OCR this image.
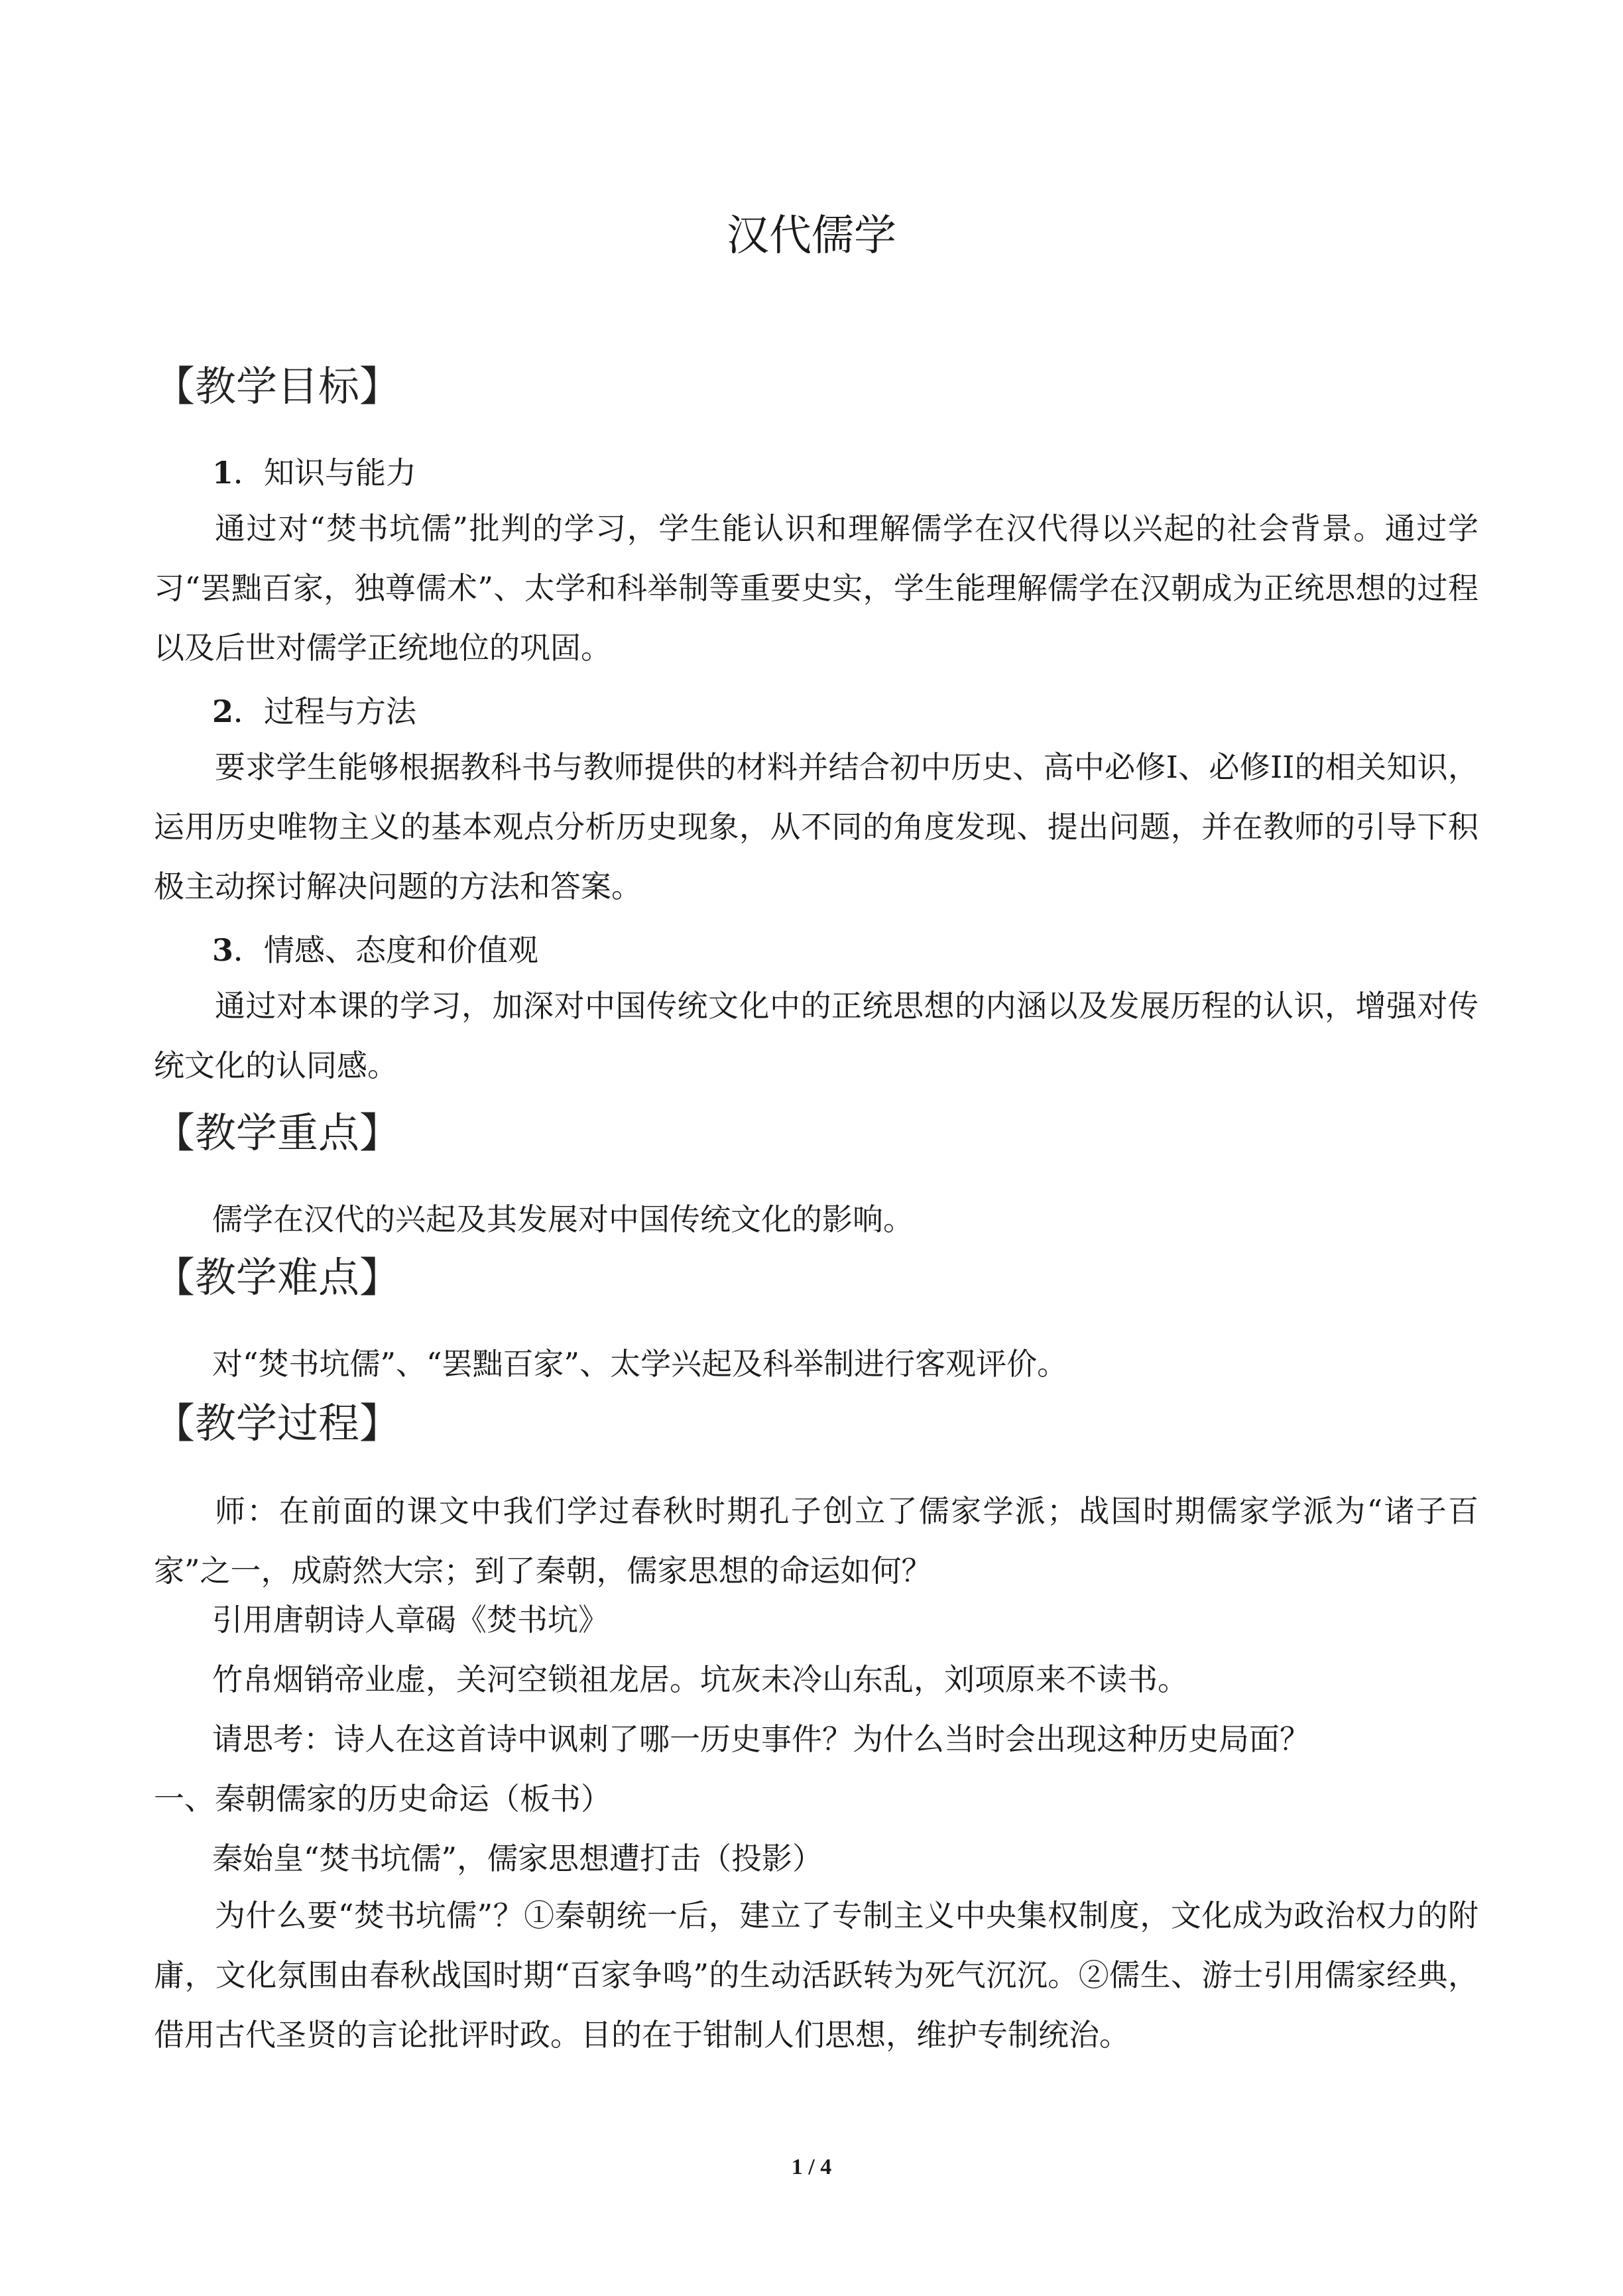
汉代儒学
【教学目标】

1．知识与能力

通过对“焚书坑儒”批判的学习，学生能认识和理解儒学在汉代得以兴起的社会背景。通过学习“罢黜百家，独尊儒术”、太学和科举制等重要史实，学生能理解儒学在汉朝成为正统思想的过程以及后世对儒学正统地位的巩固。

2．过程与方法

要求学生能够根据教科书与教师提供的材料并结合初中历史、高中必修I、必修II的相关知识，运用历史唯物主义的基本观点分析历史现象，从不同的角度发现、提出问题，并在教师的引导下积极主动探讨解决问题的方法和答案。

3．情感、态度和价值观

通过对本课的学习，加深对中国传统文化中的正统思想的内涵以及发展历程的认识，增强对传统文化的认同感。

【教学重点】

儒学在汉代的兴起及其发展对中国传统文化的影响。

【教学难点】

对“焚书坑儒”、“罢黜百家”、太学兴起及科举制进行客观评价。

【教学过程】

师：在前面的课文中我们学过春秋时期孔子创立了儒家学派；战国时期儒家学派为“诸子百家”之一，成蔚然大宗；到了秦朝，儒家思想的命运如何？

引用唐朝诗人章碣《焚书坑》

竹帛烟销帝业虚，关河空锁祖龙居。坑灰未冷山东乱，刘项原来不读书。

请思考：诗人在这首诗中讽刺了哪一历史事件？为什么当时会出现这种历史局面？

一、秦朝儒家的历史命运（板书）

秦始皇“焚书坑儒”，儒家思想遭打击（投影）

为什么要“焚书坑儒”？①秦朝统一后，建立了专制主义中央集权制度，文化成为政治权力的附庸，文化氛围由春秋战国时期“百家争鸣”的生动活跃转为死气沉沉。②儒生、游士引用儒家经典，借用古代圣贤的言论批评时政。目的在于钳制人们思想，维护专制统治。

1 / 4
